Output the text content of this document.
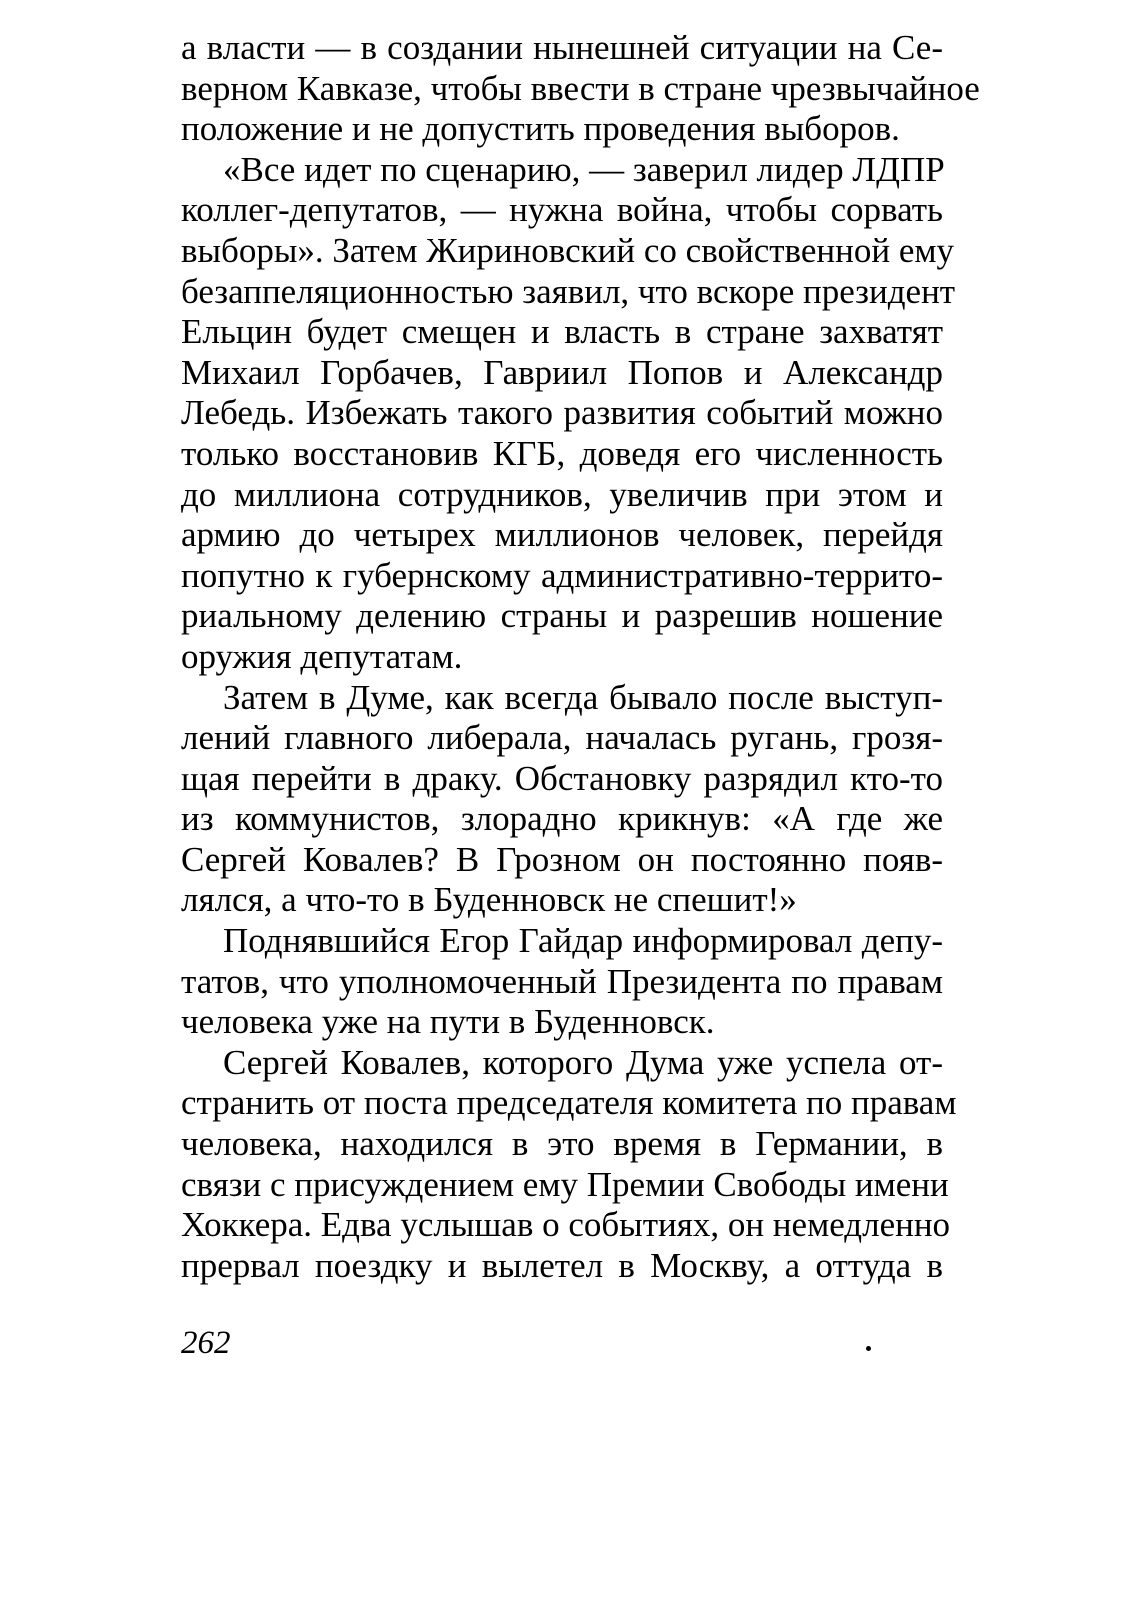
а власти — в создании нынешней ситуации на Се-
верном Кавказе, чтобы ввести в стране чрезвычайное
положение и не допустить проведения выборов.
«Все идет по сценарию, — заверил лидер ЛДПР
коллег-депутатов, — нужна война, чтобы сорвать
выборы». Затем Жириновский со свойственной ему
безаппеляционностью заявил, что вскоре президент
Ельцин будет смещен и власть в стране захватят
Михаил Горбачев, Гавриил Попов и Александр
Лебедь. Избежать такого развития событий можно
только восстановив КГБ, доведя его численность
до миллиона сотрудников, увеличив при этом и
армию до четырех миллионов человек, перейдя
попутно к губернскому административно-террито-
риальному делению страны и разрешив ношение
оружия депутатам.
Затем в Думе, как всегда бывало после выступ-
лений главного либерала, началась ругань, грозя-
щая перейти в драку. Обстановку разрядил кто-то
из коммунистов, злорадно крикнув: «А где же
Сергей Ковалев? В Грозном он постоянно появ-
лялся, а что-то в Буденновск не спешит!»
Поднявшийся Егор Гайдар информировал депу-
татов, что уполномоченный Президента по правам
человека уже на пути в Буденновск.
Сергей Ковалев, которого Дума уже успела от-
странить от поста председателя комитета по правам
человека, находился в это время в Германии, в
связи с присуждением ему Премии Свободы имени
Хоккера. Едва услышав о событиях, он немедленно
прервал поездку и вылетел в Москву, а оттуда в
262
